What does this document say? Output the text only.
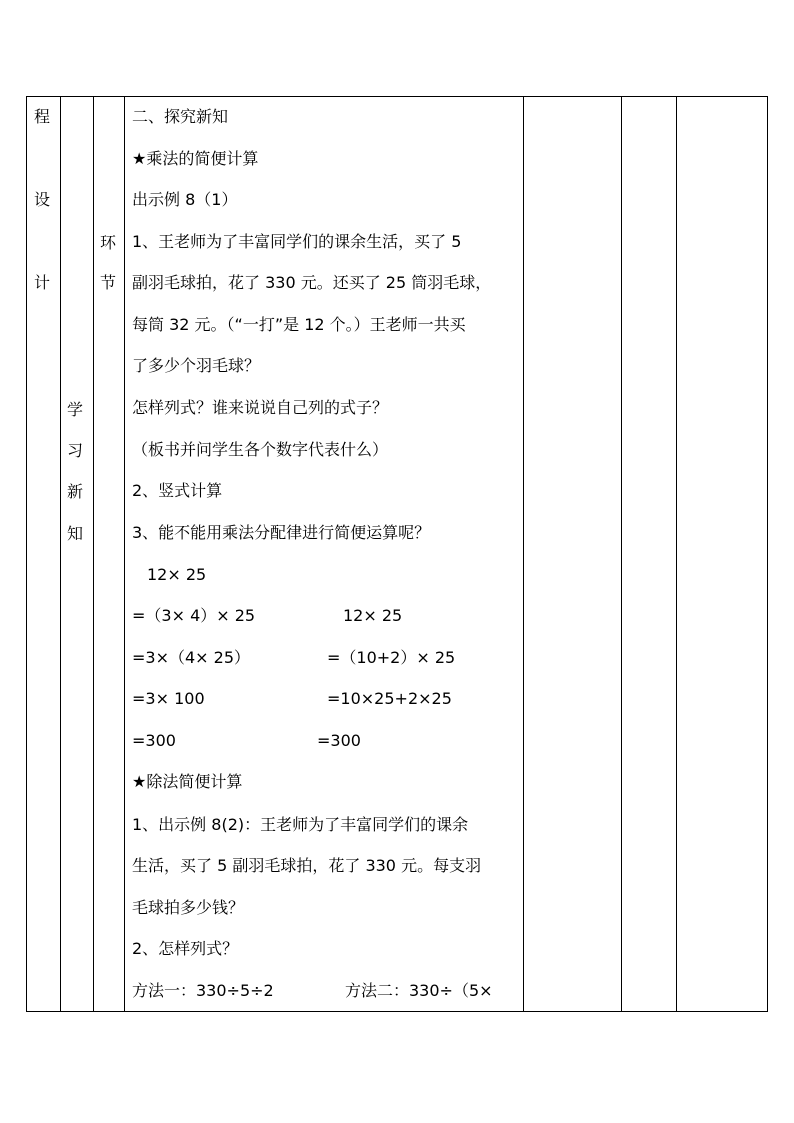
程
设
计
学
习
新
知
环
节
二、探究新知
★乘法的简便计算
出示例 8（1）
1、王老师为了丰富同学们的课余生活，买了 5
副羽毛球拍，花了 330 元。还买了 25 筒羽毛球，
每筒 32 元。（“一打”是 12 个。）王老师一共买
了多少个羽毛球？
怎样列式？谁来说说自己列的式子？
（板书并问学生各个数字代表什么）
2、竖式计算
3、能不能用乘法分配律进行简便运算呢？
12× 25
=（3× 4）× 25
=3×（4× 25）
=3× 100
=300
12× 25
=（10+2）× 25
=10×25+2×25
=300
★除法简便计算
1、出示例 8(2)：王老师为了丰富同学们的课余
生活，买了 5 副羽毛球拍，花了 330 元。每支羽
毛球拍多少钱？
2、怎样列式？
方法一：330÷5÷2	方法二：330÷（5×
